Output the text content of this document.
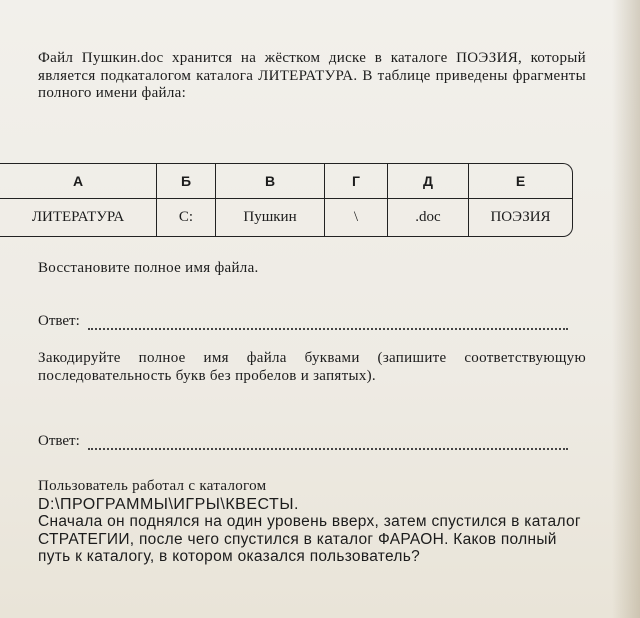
Файл Пушкин.doc хранится на жёстком диске в каталоге ПОЭЗИЯ, который является подкаталогом каталога ЛИТЕРАТУРА. В таблице приведены фрагменты полного имени файла:
А	Б	В	Г	Д	Е
ЛИТЕРАТУРА	С:	Пушкин	\	.doc	ПОЭЗИЯ
Восстановите полное имя файла.
Ответ:
Закодируйте полное имя файла буквами (запишите соответствующую последовательность букв без пробелов и запятых).
Ответ:
Пользователь работал с каталогом
D:\ПРОГРАММЫ\ИГРЫ\КВЕСТЫ.
Сначала он поднялся на один уровень вверх, затем спустился в каталог СТРАТЕГИИ, после чего спустился в каталог ФАРАОН. Каков полный путь к каталогу, в котором оказался пользователь?
